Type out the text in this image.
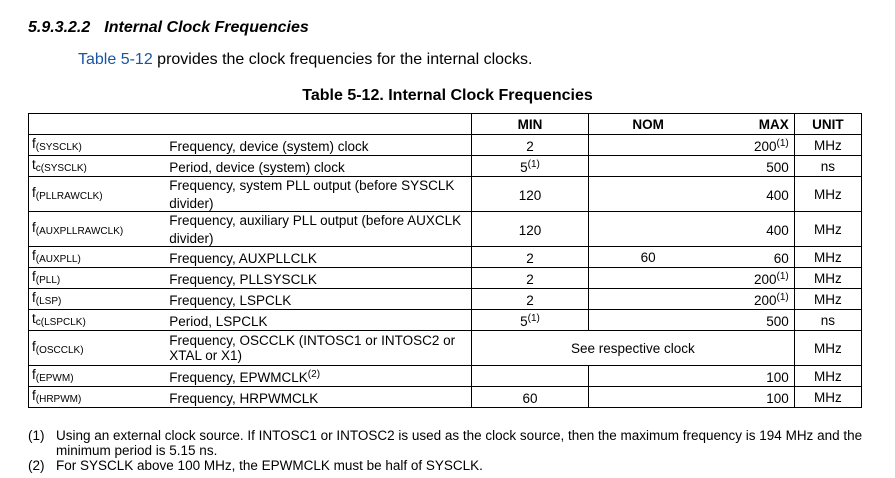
5.9.3.2.2 Internal Clock Frequencies
Table 5-12 provides the clock frequencies for the internal clocks.
Table 5-12. Internal Clock Frequencies
		MIN	NOM	MAX	UNIT
$f_{(SYSCLK)}$	Frequency, device (system) clock	2		200$^{(1)}$	MHz
$t_{c(SYSCLK)}$	Period, device (system) clock	5$^{(1)}$		500	ns
$f_{(PLLRAWCLK)}$	Frequency, system PLL output (before SYSCLK divider)	120		400	MHz
$f_{(AUXPLLRAWCLK)}$	Frequency, auxiliary PLL output (before AUXCLK divider)	120		400	MHz
$f_{(AUXPLL)}$	Frequency, AUXPLLCLK	2	60	60	MHz
$f_{(PLL)}$	Frequency, PLLSYSCLK	2		200$^{(1)}$	MHz
$f_{(LSP)}$	Frequency, LSPCLK	2		200$^{(1)}$	MHz
$t_{c(LSPCLK)}$	Period, LSPCLK	5$^{(1)}$		500	ns
$f_{(OSCCLK)}$	Frequency, OSCCLK (INTOSC1 or INTOSC2 or XTAL or X1)	See respective clock			MHz
$f_{(EPWM)}$	Frequency, EPWMCLK$^{(2)}$			100	MHz
$f_{(HRPWM)}$	Frequency, HRPWMCLK	60		100	MHz
(1) Using an external clock source. If INTOSC1 or INTOSC2 is used as the clock source, then the maximum frequency is 194 MHz and the minimum period is 5.15 ns.
(2) For SYSCLK above 100 MHz, the EPWMCLK must be half of SYSCLK.
